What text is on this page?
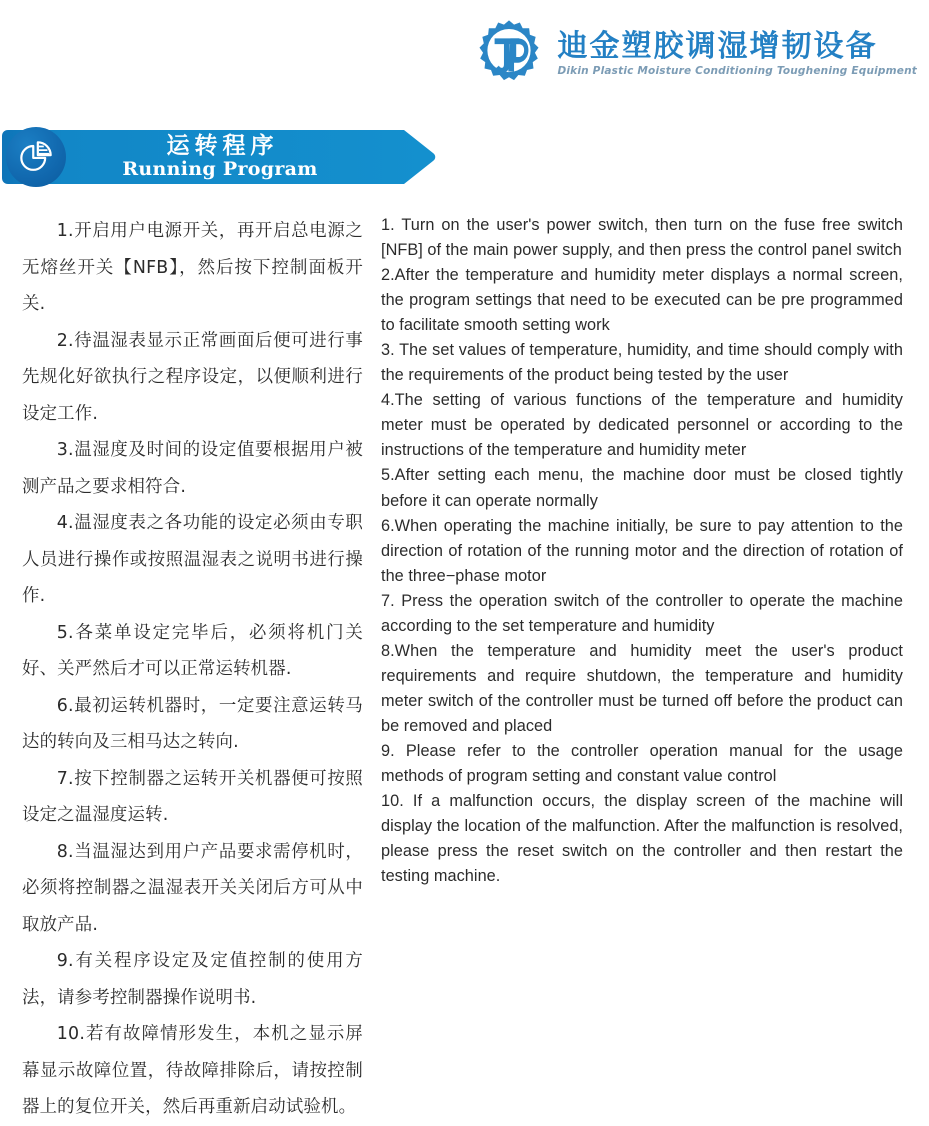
迪金塑胶调湿增韧设备
Dikin Plastic Moisture Conditioning Toughening Equipment
运转程序
Running Program

1.开启用户电源开关，再开启总电源之无熔丝开关【NFB】，然后按下控制面板开关.

2.待温湿表显示正常画面后便可进行事先规化好欲执行之程序设定，以便顺利进行设定工作.

3.温湿度及时间的设定值要根据用户被测产品之要求相符合.

4.温湿度表之各功能的设定必须由专职人员进行操作或按照温湿表之说明书进行操作.

5.各菜单设定完毕后，必须将机门关好、关严然后才可以正常运转机器.

6.最初运转机器时，一定要注意运转马达的转向及三相马达之转向.

7.按下控制器之运转开关机器便可按照设定之温湿度运转.

8.当温湿达到用户产品要求需停机时，必须将控制器之温湿表开关关闭后方可从中取放产品.

9.有关程序设定及定值控制的使用方法，请参考控制器操作说明书.

10.若有故障情形发生，本机之显示屏幕显示故障位置，待故障排除后，请按控制器上的复位开关，然后再重新启动试验机。

1. Turn on the user's power switch, then turn on the fuse free switch [NFB] of the main power supply, and then press the control panel switch

2.After the temperature and humidity meter displays a normal screen, the program settings that need to be executed can be pre programmed to facilitate smooth setting work

3. The set values of temperature, humidity, and time should comply with the requirements of the product being tested by the user

4.The setting of various functions of the temperature and humidity meter must be operated by dedicated personnel or according to the instructions of the temperature and humidity meter

5.After setting each menu, the machine door must be closed tightly before it can operate normally

6.When operating the machine initially, be sure to pay attention to the direction of rotation of the running motor and the direction of rotation of the three−phase motor

7. Press the operation switch of the controller to operate the machine according to the set temperature and humidity

8.When the temperature and humidity meet the user's product requirements and require shutdown, the temperature and humidity meter switch of the controller must be turned off before the product can be removed and placed

9. Please refer to the controller operation manual for the usage methods of program setting and constant value control

10. If a malfunction occurs, the display screen of the machine will display the location of the malfunction. After the malfunction is resolved, please press the reset switch on the controller and then restart the testing machine.
